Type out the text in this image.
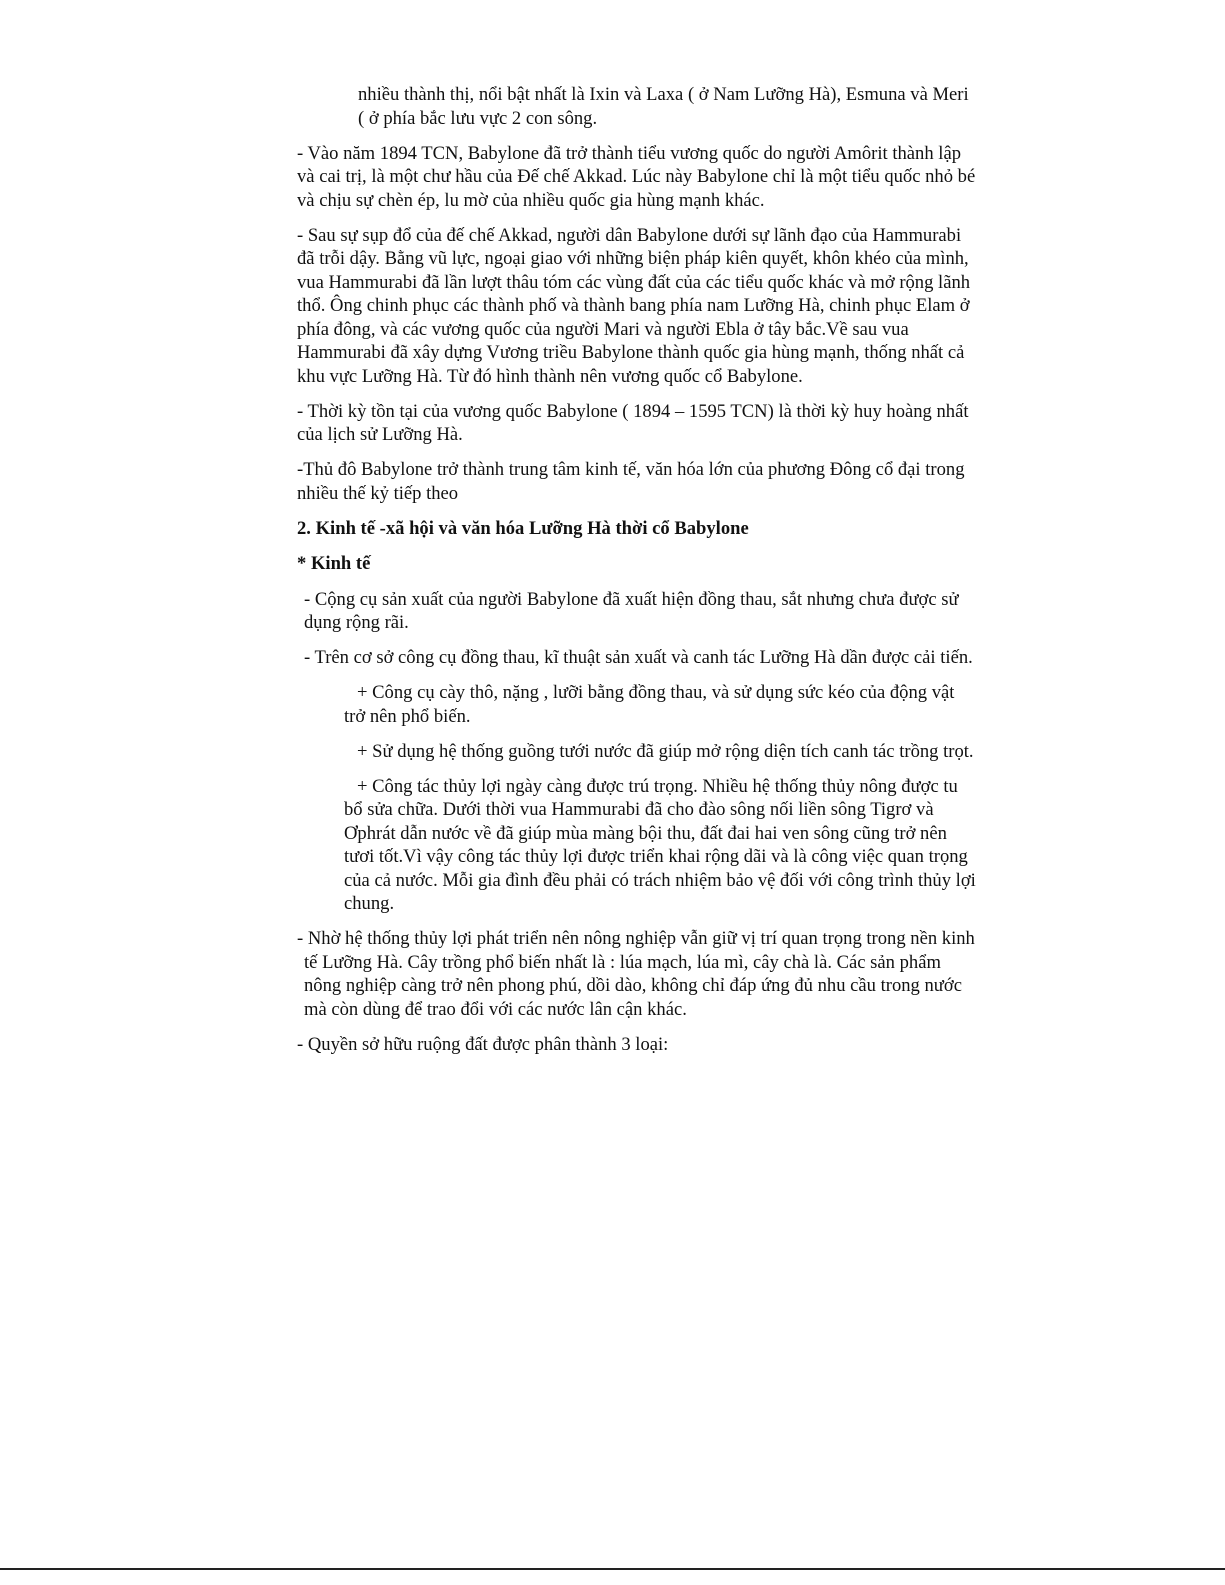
nhiều thành thị, nổi bật nhất là Ixin và Laxa ( ở Nam Lưỡng Hà), Esmuna và Meri ( ở phía bắc lưu vực 2 con sông.

- Vào năm 1894 TCN, Babylone đã trở thành tiểu vương quốc do người Amôrit thành lập và cai trị, là một chư hầu của Đế chế Akkad. Lúc này Babylone chỉ là một tiểu quốc nhỏ bé và chịu sự chèn ép, lu mờ của nhiều quốc gia hùng mạnh khác.

- Sau sự sụp đổ của đế chế Akkad, người dân Babylone dưới sự lãnh đạo của Hammurabi đã trỗi dậy. Bằng vũ lực, ngoại giao với những biện pháp kiên quyết, khôn khéo của mình, vua Hammurabi đã lần lượt thâu tóm các vùng đất của các tiểu quốc khác và mở rộng lãnh thổ. Ông chinh phục các thành phố và thành bang phía nam Lưỡng Hà, chinh phục Elam ở phía đông, và các vương quốc của người Mari và người Ebla ở tây bắc.Về sau vua Hammurabi đã xây dựng Vương triều Babylone thành quốc gia hùng mạnh, thống nhất cả khu vực Lưỡng Hà. Từ đó hình thành nên vương quốc cổ Babylone.

- Thời kỳ tồn tại của vương quốc Babylone ( 1894 – 1595 TCN) là thời kỳ huy hoàng nhất của lịch sử Lưỡng Hà.

-Thủ đô Babylone trở thành trung tâm kinh tế, văn hóa lớn của phương Đông cổ đại trong nhiều thế kỷ tiếp theo

2. Kinh tế -xã hội và văn hóa Lưỡng Hà thời cổ Babylone

* Kinh tế

- Cộng cụ sản xuất của người Babylone đã xuất hiện đồng thau, sắt nhưng chưa được sử dụng rộng rãi.

- Trên cơ sở công cụ đồng thau, kĩ thuật sản xuất và canh tác Lưỡng Hà dần được cải tiến.

+ Công cụ cày thô, nặng , lưỡi bằng đồng thau, và sử dụng sức kéo của động vật trở nên phổ biến.

+ Sử dụng hệ thống guồng tưới nước đã giúp mở rộng diện tích canh tác trồng trọt.

+ Công tác thủy lợi ngày càng được trú trọng. Nhiều hệ thống thủy nông được tu bổ sửa chữa. Dưới thời vua Hammurabi đã cho đào sông nối liền sông Tigrơ và Ơphrát dẫn nước về đã giúp mùa màng bội thu, đất đai hai ven sông cũng trở nên tươi tốt.Vì vậy công tác thủy lợi được triển khai rộng dãi và là công việc quan trọng của cả nước. Mỗi gia đình đều phải có trách nhiệm bảo vệ đối với công trình thủy lợi chung.

- Nhờ hệ thống thủy lợi phát triển nên nông nghiệp vẫn giữ vị trí quan trọng trong nền kinh tế Lưỡng Hà. Cây trồng phổ biến nhất là : lúa mạch, lúa mì, cây chà là. Các sản phẩm nông nghiệp càng trở nên phong phú, dồi dào, không chỉ đáp ứng đủ nhu cầu trong nước mà còn dùng để trao đổi với các nước lân cận khác.

- Quyền sở hữu ruộng đất được phân thành 3 loại:
